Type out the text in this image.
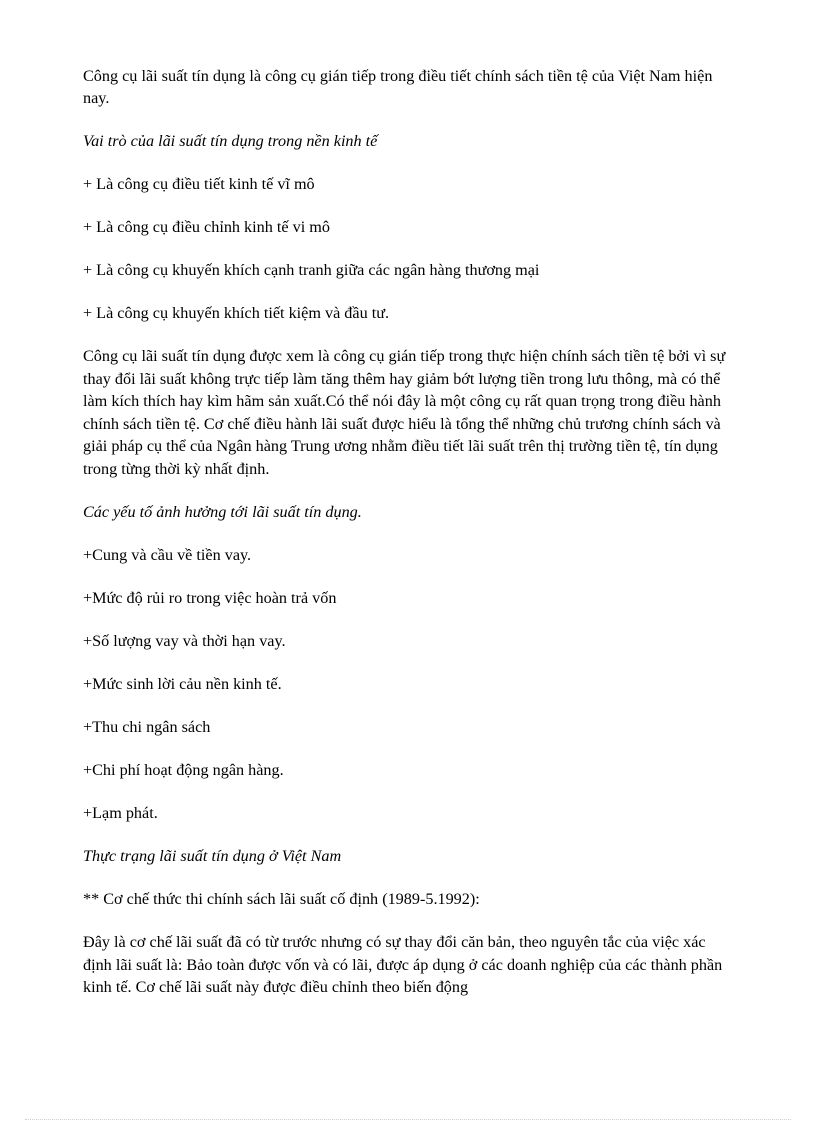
Công cụ lãi suất tín dụng là công cụ gián tiếp trong điều tiết chính sách tiền tệ của Việt Nam hiện nay.

Vai trò của lãi suất tín dụng trong nền kinh tế

+ Là công cụ điều tiết kinh tế vĩ mô

+ Là công cụ điều chỉnh kinh tế vi mô

+ Là công cụ khuyến khích cạnh tranh giữa các ngân hàng thương mại

+ Là công cụ khuyến khích tiết kiệm và đầu tư.

Công cụ lãi suất tín dụng được xem là công cụ gián tiếp trong thực hiện chính sách tiền tệ bởi vì sự thay đổi lãi suất không trực tiếp làm tăng thêm hay giảm bớt lượng tiền trong lưu thông, mà có thể làm kích thích hay kìm hãm sản xuất.Có thể nói đây là một công cụ rất quan trọng trong điều hành chính sách tiền tệ. Cơ chế điều hành lãi suất được hiểu là tổng thể những chủ trương chính sách và giải pháp cụ thể của Ngân hàng Trung ương nhằm điều tiết lãi suất trên thị trường tiền tệ, tín dụng trong từng thời kỳ nhất định.

Các yếu tố ảnh hưởng tới lãi suất tín dụng.

+Cung và cầu về tiền vay.

+Mức độ rủi ro trong việc hoàn trả vốn

+Số lượng vay và thời hạn vay.

+Mức sinh lời cảu nền kinh tế.

+Thu chi ngân sách

+Chi phí hoạt động ngân hàng.

+Lạm phát.

Thực trạng lãi suất tín dụng ở Việt Nam

** Cơ chế thức thi chính sách lãi suất cố định (1989-5.1992):

Đây là cơ chế lãi suất đã có từ trước nhưng có sự thay đổi căn bản, theo nguyên tắc của việc xác định lãi suất là: Bảo toàn được vốn và có lãi, được áp dụng ở các doanh nghiệp của các thành phần kinh tế. Cơ chế lãi suất này được điều chỉnh theo biến động
